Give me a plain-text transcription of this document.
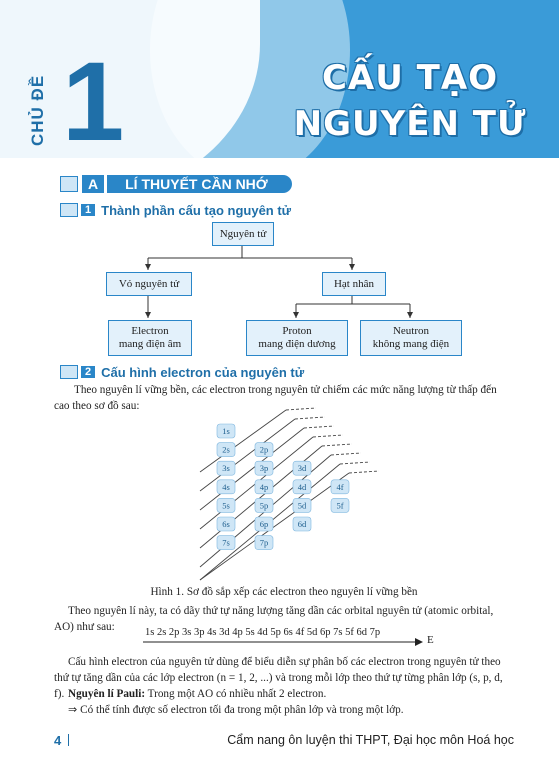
CHỦ ĐỀ 1	CẤU TẠO
NGUYÊN TỬ
A	LÍ THUYẾT CẦN NHỚ
1 Thành phần cấu tạo nguyên tử
Nguyên tử
Vỏ nguyên tử	Hạt nhân
Electron
mang điện âm
Proton
mang điện dương
Neutron
không mang điện
2 Cấu hình electron của nguyên tử
Theo nguyên lí vững bền, các electron trong nguyên tử chiếm các mức năng lượng từ thấp đến cao theo sơ đồ sau:
1s
2s
3s
4s
5s
6s
7s
2p
3p
4p
5p
6p
7p
3d
4d
5d
6d
4f
5f
Hình 1. Sơ đồ sắp xếp các electron theo nguyên lí vững bền
Theo nguyên lí này, ta có dãy thứ tự năng lượng tăng dần các orbital nguyên tử (atomic orbital, AO) như sau:	1s 2s 2p 3s 3p 4s 3d 4p 5s 4d 5p 6s 4f 5d 6p 7s 5f 6d 7p
E
Cấu hình electron của nguyên tử dùng để biểu diễn sự phân bố các electron trong nguyên tử theo thứ tự tăng dần của các lớp electron (n = 1, 2, ...) và trong mỗi lớp theo thứ tự từng phân lớp (s, p, d, f). Nguyên lí Pauli: Trong một AO có nhiều nhất 2 electron.
⇒ Có thể tính được số electron tối đa trong một phân lớp và trong một lớp.
4	Cẩm nang ôn luyện thi THPT, Đại học môn Hoá học
